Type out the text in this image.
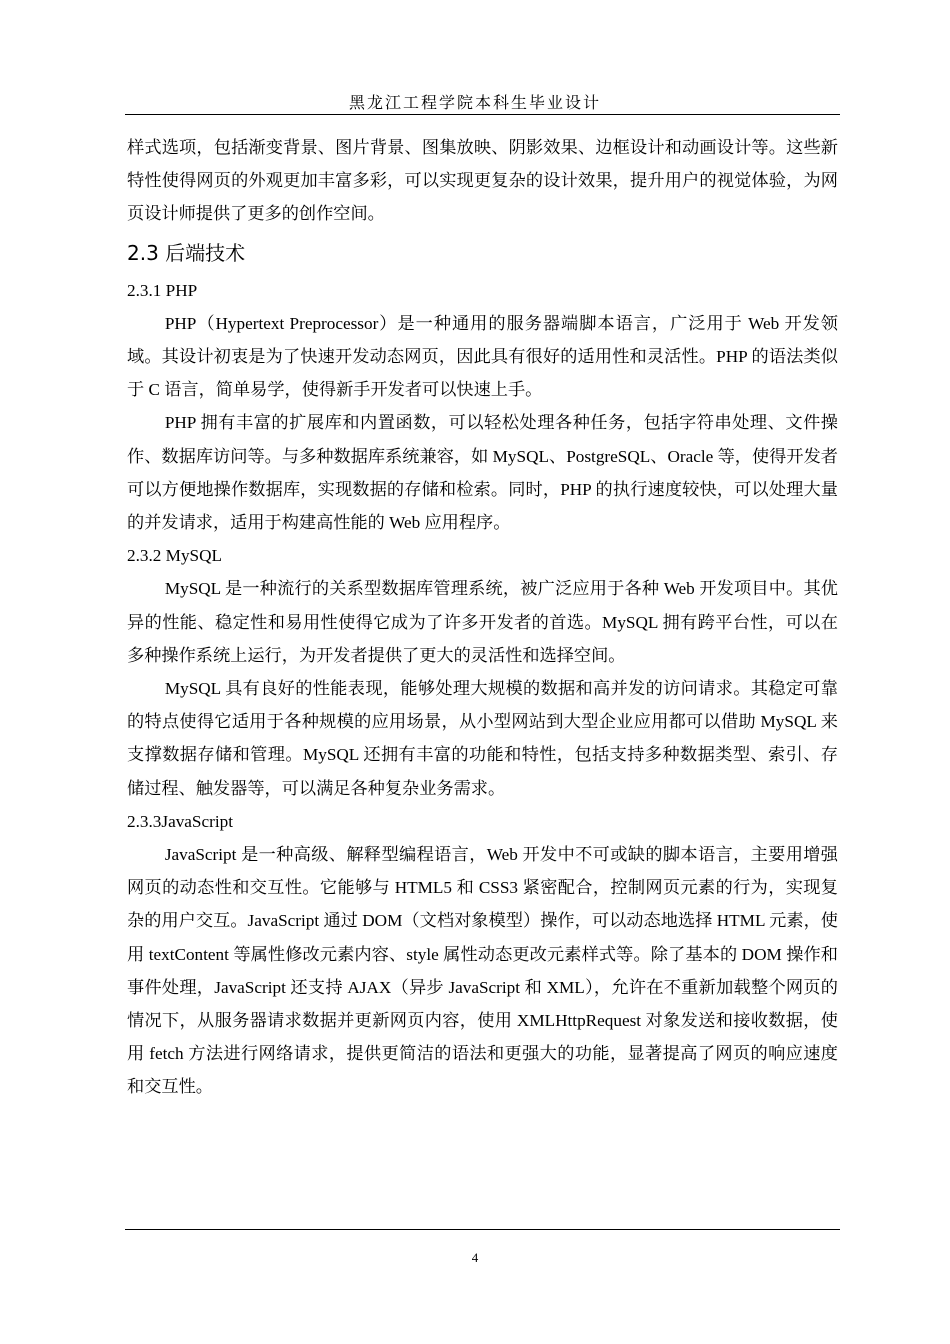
黑龙江工程学院本科生毕业设计

样式选项，包括渐变背景、图片背景、图集放映、阴影效果、边框设计和动画设计等。这些新特性使得网页的外观更加丰富多彩，可以实现更复杂的设计效果，提升用户的视觉体验，为网页设计师提供了更多的创作空间。

2.3 后端技术

2.3.1 PHP

PHP（Hypertext Preprocessor）是一种通用的服务器端脚本语言，广泛用于 Web 开发领域。其设计初衷是为了快速开发动态网页，因此具有很好的适用性和灵活性。PHP 的语法类似于 C 语言，简单易学，使得新手开发者可以快速上手。

PHP 拥有丰富的扩展库和内置函数，可以轻松处理各种任务，包括字符串处理、文件操作、数据库访问等。与多种数据库系统兼容，如 MySQL、PostgreSQL、Oracle 等，使得开发者可以方便地操作数据库，实现数据的存储和检索。同时，PHP 的执行速度较快，可以处理大量的并发请求，适用于构建高性能的 Web 应用程序。

2.3.2 MySQL

MySQL 是一种流行的关系型数据库管理系统，被广泛应用于各种 Web 开发项目中。其优异的性能、稳定性和易用性使得它成为了许多开发者的首选。MySQL 拥有跨平台性，可以在多种操作系统上运行，为开发者提供了更大的灵活性和选择空间。

MySQL 具有良好的性能表现，能够处理大规模的数据和高并发的访问请求。其稳定可靠的特点使得它适用于各种规模的应用场景，从小型网站到大型企业应用都可以借助 MySQL 来支撑数据存储和管理。MySQL 还拥有丰富的功能和特性，包括支持多种数据类型、索引、存储过程、触发器等，可以满足各种复杂业务需求。

2.3.3JavaScript

JavaScript 是一种高级、解释型编程语言，Web 开发中不可或缺的脚本语言，主要用增强网页的动态性和交互性。它能够与 HTML5 和 CSS3 紧密配合，控制网页元素的行为，实现复杂的用户交互。JavaScript 通过 DOM（文档对象模型）操作，可以动态地选择 HTML 元素，使用 textContent 等属性修改元素内容、style 属性动态更改元素样式等。除了基本的 DOM 操作和事件处理，JavaScript 还支持 AJAX（异步 JavaScript 和 XML），允许在不重新加载整个网页的情况下，从服务器请求数据并更新网页内容，使用 XMLHttpRequest 对象发送和接收数据，使用 fetch 方法进行网络请求，提供更简洁的语法和更强大的功能，显著提高了网页的响应速度和交互性。

4
